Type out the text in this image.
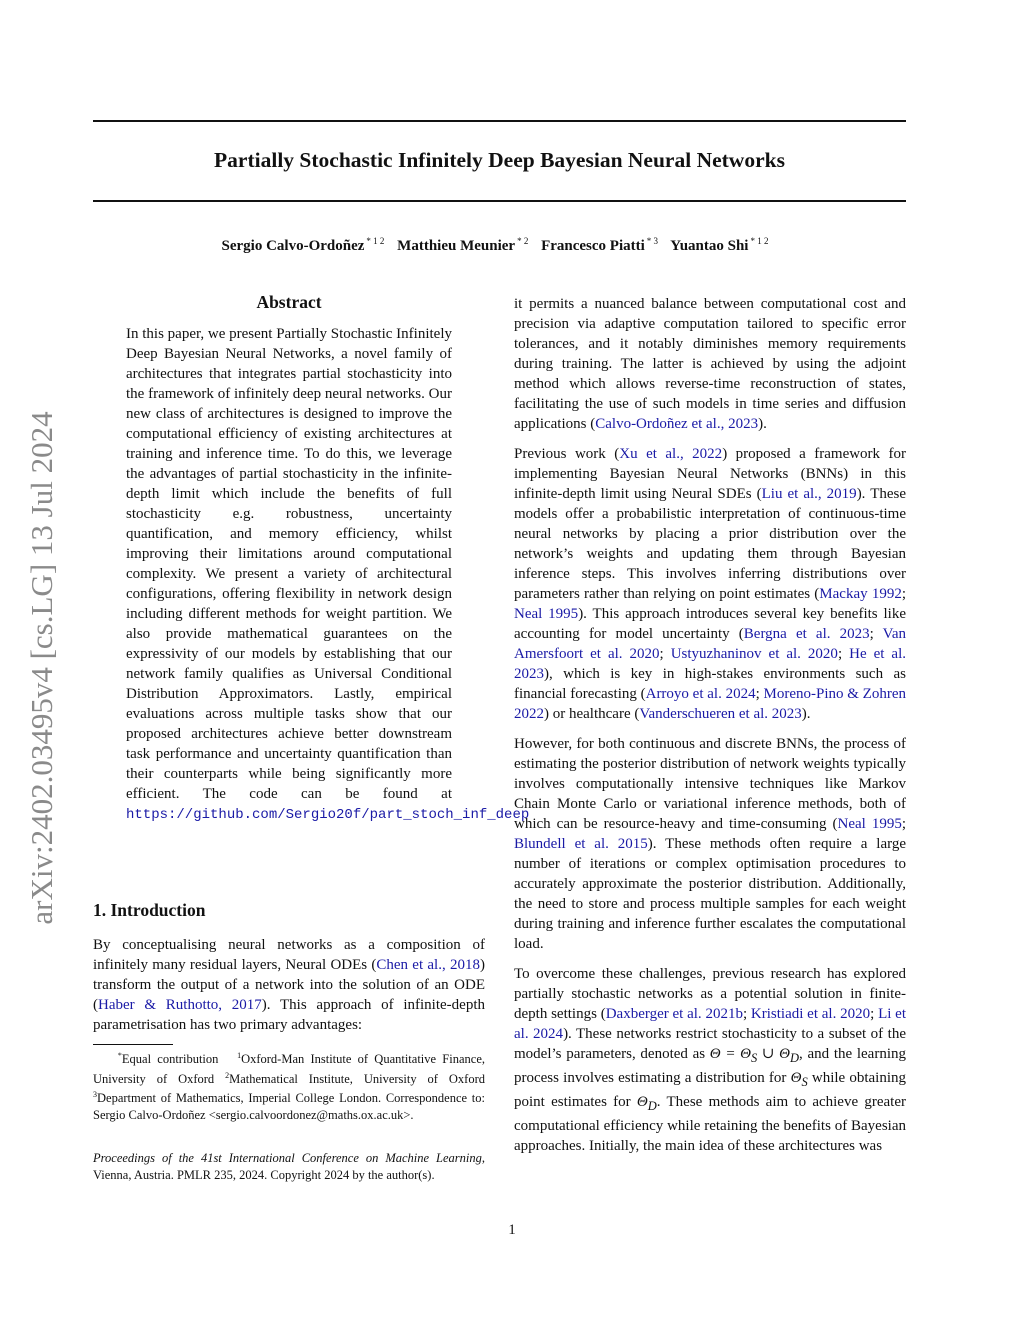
Partially Stochastic Infinitely Deep Bayesian Neural Networks
Sergio Calvo-Ordoñez $^{* 1 2}$ Matthieu Meunier $^{* 2}$ Francesco Piatti $^{* 3}$ Yuantao Shi $^{* 1 2}$
arXiv:2402.03495v4 [cs.LG] 13 Jul 2024
Abstract

In this paper, we present Partially Stochastic Infinitely Deep Bayesian Neural Networks, a novel family of architectures that integrates partial stochasticity into the framework of infinitely deep neural networks. Our new class of architectures is designed to improve the computational efficiency of existing architectures at training and inference time. To do this, we leverage the advantages of partial stochasticity in the infinite-depth limit which include the benefits of full stochasticity e.g. robustness, uncertainty quantification, and memory efficiency, whilst improving their limitations around computational complexity. We present a variety of architectural configurations, offering flexibility in network design including different methods for weight partition. We also provide mathematical guarantees on the expressivity of our models by establishing that our network family qualifies as Universal Conditional Distribution Approximators. Lastly, empirical evaluations across multiple tasks show that our proposed architectures achieve better downstream task performance and uncertainty quantification than their counterparts while being significantly more efficient. The code can be found at https://github.com/Sergio20f/part_stoch_inf_deep

1. Introduction

By conceptualising neural networks as a composition of infinitely many residual layers, Neural ODEs (Chen et al., 2018) transform the output of a network into the solution of an ODE (Haber & Ruthotto, 2017). This approach of infinite-depth parametrisation has two primary advantages:

*Equal contribution $^1$Oxford-Man Institute of Quantitative Finance, University of Oxford $^2$Mathematical Institute, University of Oxford $^3$Department of Mathematics, Imperial College London. Correspondence to: Sergio Calvo-Ordoñez <sergio.calvoordonez@maths.ox.ac.uk>.
Proceedings of the 41st International Conference on Machine Learning, Vienna, Austria. PMLR 235, 2024. Copyright 2024 by the author(s).

it permits a nuanced balance between computational cost and precision via adaptive computation tailored to specific error tolerances, and it notably diminishes memory requirements during training. The latter is achieved by using the adjoint method which allows reverse-time reconstruction of states, facilitating the use of such models in time series and diffusion applications (Calvo-Ordoñez et al., 2023).

Previous work (Xu et al., 2022) proposed a framework for implementing Bayesian Neural Networks (BNNs) in this infinite-depth limit using Neural SDEs (Liu et al., 2019). These models offer a probabilistic interpretation of continuous-time neural networks by placing a prior distribution over the network’s weights and updating them through Bayesian inference steps. This involves inferring distributions over parameters rather than relying on point estimates (Mackay 1992; Neal 1995). This approach introduces several key benefits like accounting for model uncertainty (Bergna et al. 2023; Van Amersfoort et al. 2020; Ustyuzhaninov et al. 2020; He et al. 2023), which is key in high-stakes environments such as financial forecasting (Arroyo et al. 2024; Moreno-Pino & Zohren 2022) or healthcare (Vanderschueren et al. 2023).

However, for both continuous and discrete BNNs, the process of estimating the posterior distribution of network weights typically involves computationally intensive techniques like Markov Chain Monte Carlo or variational inference methods, both of which can be resource-heavy and time-consuming (Neal 1995; Blundell et al. 2015). These methods often require a large number of iterations or complex optimisation procedures to accurately approximate the posterior distribution. Additionally, the need to store and process multiple samples for each weight during training and inference further escalates the computational load.

To overcome these challenges, previous research has explored partially stochastic networks as a potential solution in finite-depth settings (Daxberger et al. 2021b; Kristiadi et al. 2020; Li et al. 2024). These networks restrict stochasticity to a subset of the model’s parameters, denoted as $\Theta = \Theta_S$ ∪ $\Theta_D$, and the learning process involves estimating a distribution for $\Theta_S$ while obtaining point estimates for $\Theta_D$. These methods aim to achieve greater computational efficiency while retaining the benefits of Bayesian approaches. Initially, the main idea of these architectures was

1
